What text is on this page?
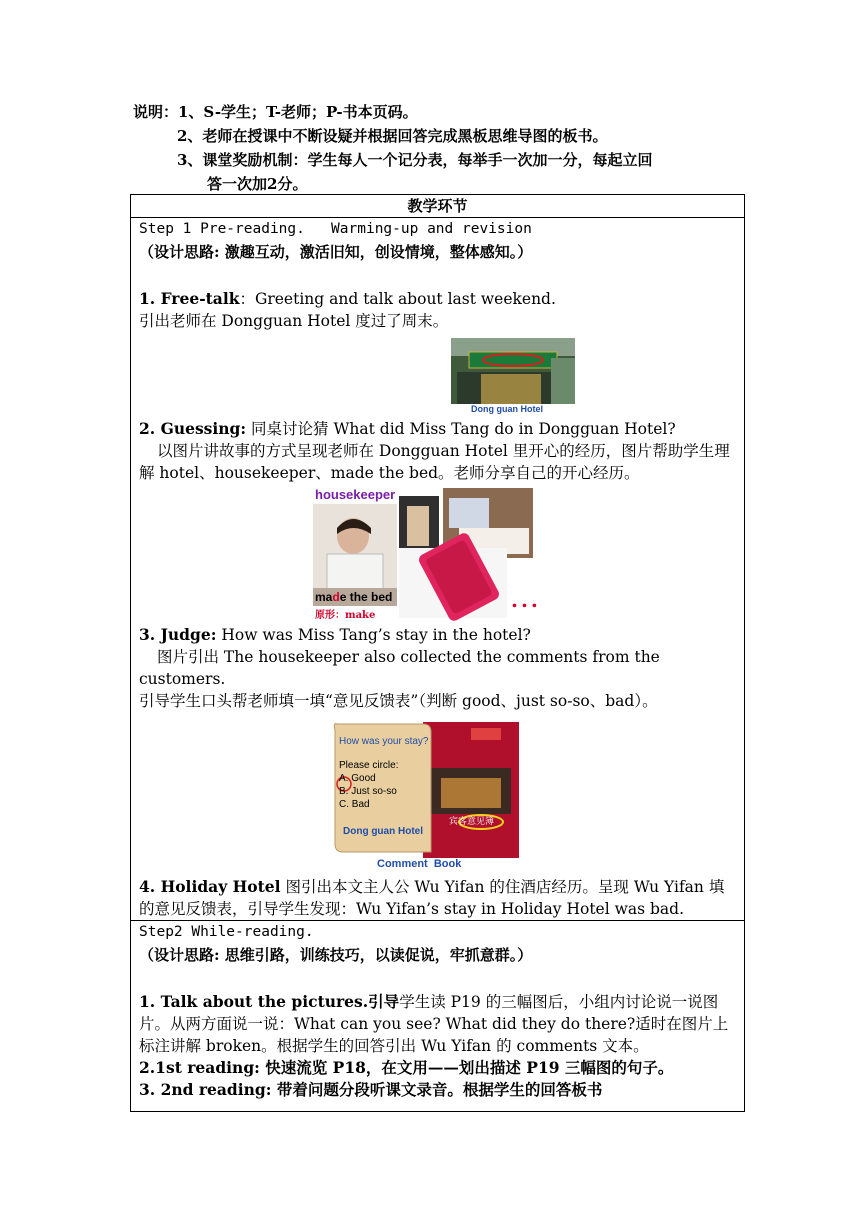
说明：1、S-学生；T-老师；P-书本页码。
2、老师在授课中不断设疑并根据回答完成黑板思维导图的板书。
3、课堂奖励机制：学生每人一个记分表，每举手一次加一分，每起立回
答一次加2分。
教学环节

Step 1 Pre-reading.   Warming-up and revision
（设计思路: 激趣互动，激活旧知，创设情境，整体感知。）

1. Free-talk：Greeting and talk about last weekend.

引出老师在 Dongguan Hotel 度过了周末。

Dong guan Hotel

2. Guessing: 同桌讨论猜 What did Miss Tang do in Dongguan Hotel?

以图片讲故事的方式呈现老师在 Dongguan Hotel 里开心的经历，图片帮助学生理解 hotel、housekeeper、made the bed。老师分享自己的开心经历。

housekeeper
made the bed
原形：make
...

3. Judge: How was Miss Tang’s stay in the hotel?

图片引出 The housekeeper also collected the comments from the customers.

引导学生口头帮老师填一填“意见反馈表”（判断 good、just so-so、bad）。

How was your stay?
Please circle:
A. Good
B. Just so-so
C. Bad
Dong guan Hotel
宾客意见簿
Comment  Book

4. Holiday Hotel 图引出本文主人公 Wu Yifan 的住酒店经历。呈现 Wu Yifan 填的意见反馈表，引导学生发现：Wu Yifan’s stay in Holiday Hotel was bad.

Step2 While-reading.
（设计思路: 思维引路，训练技巧，以读促说，牢抓意群。）

1. Talk about the pictures.引导学生读 P19 的三幅图后，小组内讨论说一说图片。从两方面说一说：What can you see? What did they do there?适时在图片上标注讲解 broken。根据学生的回答引出 Wu Yifan 的 comments 文本。

2.1st reading: 快速流览 P18，在文用——划出描述 P19 三幅图的句子。

3. 2nd reading: 带着问题分段听课文录音。根据学生的回答板书
